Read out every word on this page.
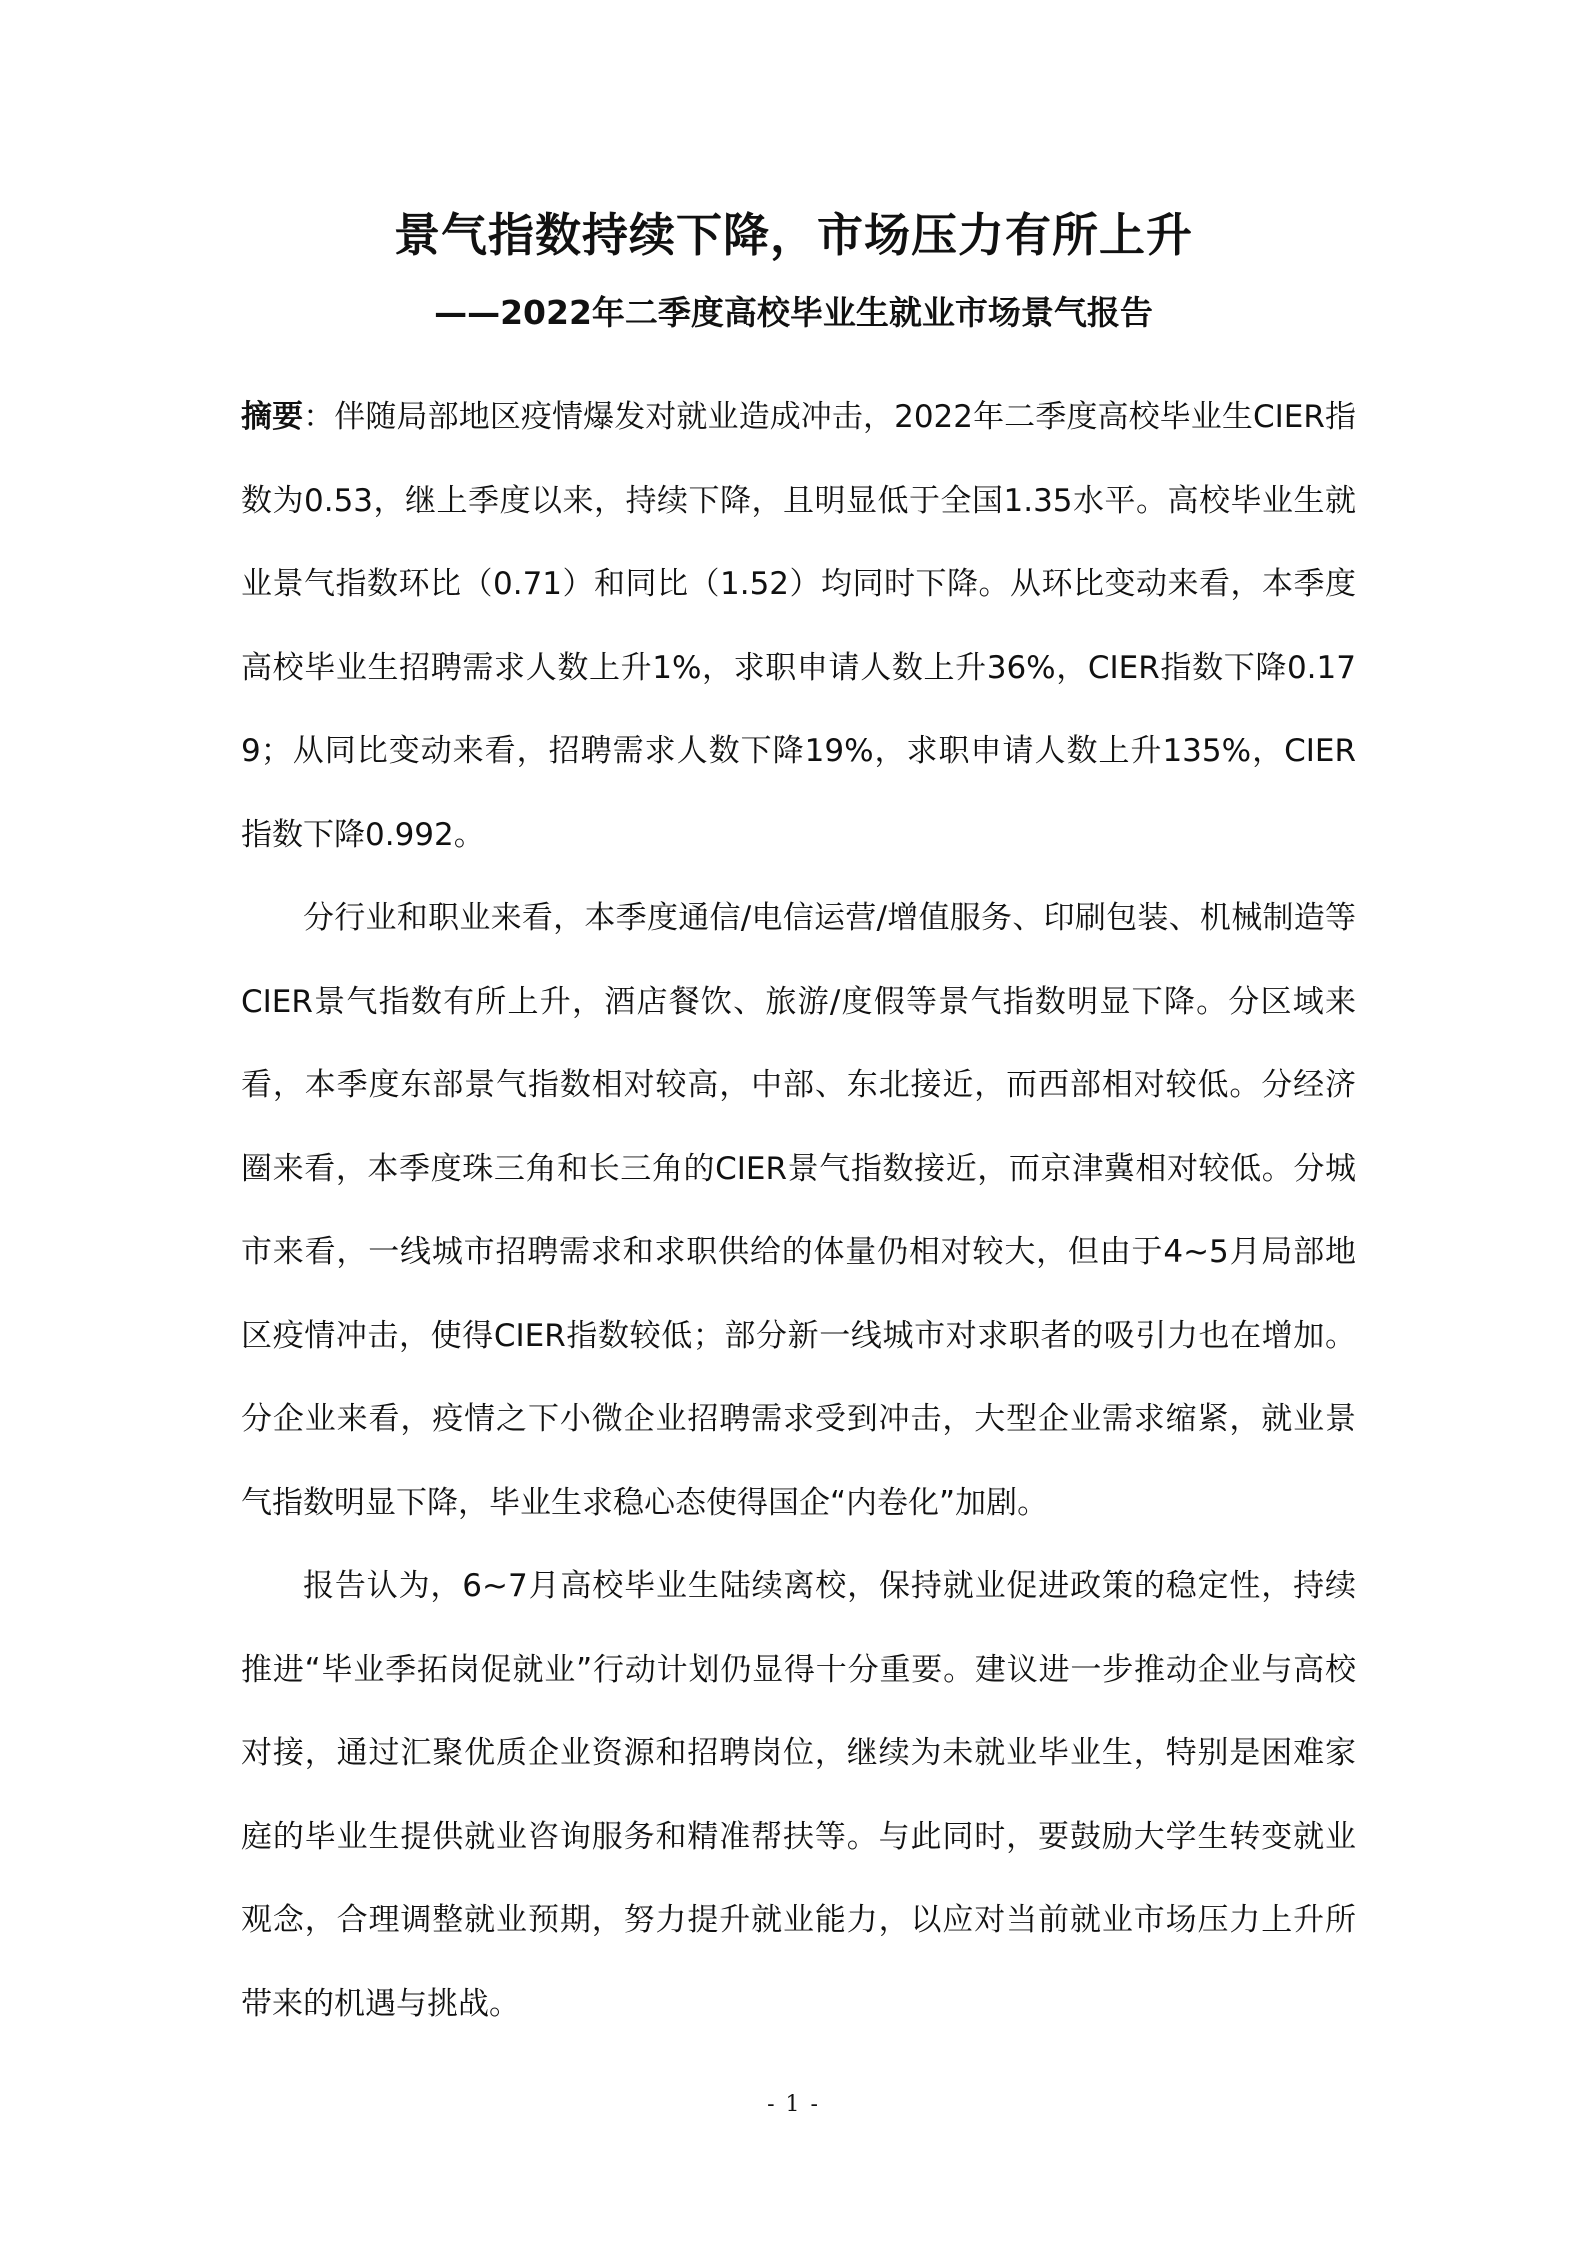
景气指数持续下降，市场压力有所上升
——2022年二季度高校毕业生就业市场景气报告

摘要：伴随局部地区疫情爆发对就业造成冲击，2022年二季度高校毕业生CIER指数为0.53，继上季度以来，持续下降，且明显低于全国1.35水平。高校毕业生就业景气指数环比（0.71）和同比（1.52）均同时下降。从环比变动来看，本季度高校毕业生招聘需求人数上升1%，求职申请人数上升36%，CIER指数下降0.179；从同比变动来看，招聘需求人数下降19%，求职申请人数上升135%，CIER指数下降0.992。

分行业和职业来看，本季度通信/电信运营/增值服务、印刷包装、机械制造等CIER景气指数有所上升，酒店餐饮、旅游/度假等景气指数明显下降。分区域来看，本季度东部景气指数相对较高，中部、东北接近，而西部相对较低。分经济圈来看，本季度珠三角和长三角的CIER景气指数接近，而京津冀相对较低。分城市来看，一线城市招聘需求和求职供给的体量仍相对较大，但由于4~5月局部地区疫情冲击，使得CIER指数较低；部分新一线城市对求职者的吸引力也在增加。分企业来看，疫情之下小微企业招聘需求受到冲击，大型企业需求缩紧，就业景气指数明显下降，毕业生求稳心态使得国企“内卷化”加剧。

报告认为，6~7月高校毕业生陆续离校，保持就业促进政策的稳定性，持续推进“毕业季拓岗促就业”行动计划仍显得十分重要。建议进一步推动企业与高校对接，通过汇聚优质企业资源和招聘岗位，继续为未就业毕业生，特别是困难家庭的毕业生提供就业咨询服务和精准帮扶等。与此同时，要鼓励大学生转变就业观念，合理调整就业预期，努力提升就业能力，以应对当前就业市场压力上升所带来的机遇与挑战。

- 1 -
